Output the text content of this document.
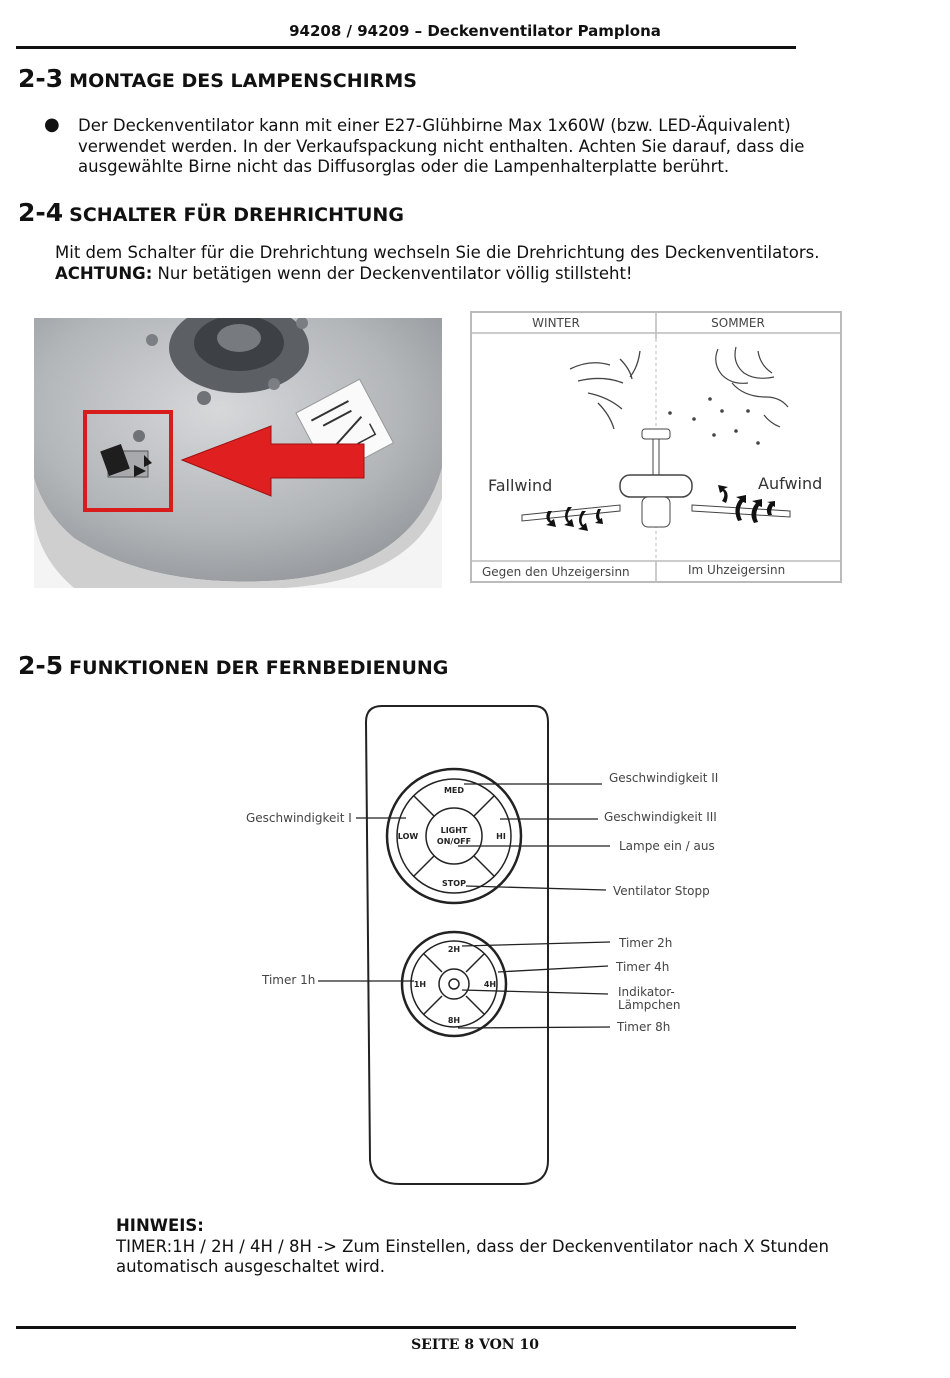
94208 / 94209 – Deckenventilator Pamplona
2-3 MONTAGE DES LAMPENSCHIRMS
● Der Deckenventilator kann mit einer E27-Glühbirne Max 1x60W (bzw. LED-Äquivalent)
verwendet werden. In der Verkaufspackung nicht enthalten. Achten Sie darauf, dass die
ausgewählte Birne nicht das Diffusorglas oder die Lampenhalterplatte berührt.
2-4 SCHALTER FÜR DREHRICHTUNG
Mit dem Schalter für die Drehrichtung wechseln Sie die Drehrichtung des Deckenventilators.
ACHTUNG: Nur betätigen wenn der Deckenventilator völlig stillsteht!
WINTER	SOMMER
Fallwind	Aufwind
Gegen den Uhzeigersinn	Im Uhzeigersinn
2-5 FUNKTIONEN DER FERNBEDIENUNG
MED
LOW	HI
LIGHT
ON/OFF
STOP
2H
1H	4H
8H
Geschwindigkeit I
Geschwindigkeit II
Geschwindigkeit III
Lampe ein / aus
Ventilator Stopp
Timer 1h
Timer 2h
Timer 4h
Indikator-
Lämpchen
Timer 8h
HINWEIS:
TIMER:1H / 2H / 4H / 8H -> Zum Einstellen, dass der Deckenventilator nach X Stunden
automatisch ausgeschaltet wird.
SEITE 8 VON 10
